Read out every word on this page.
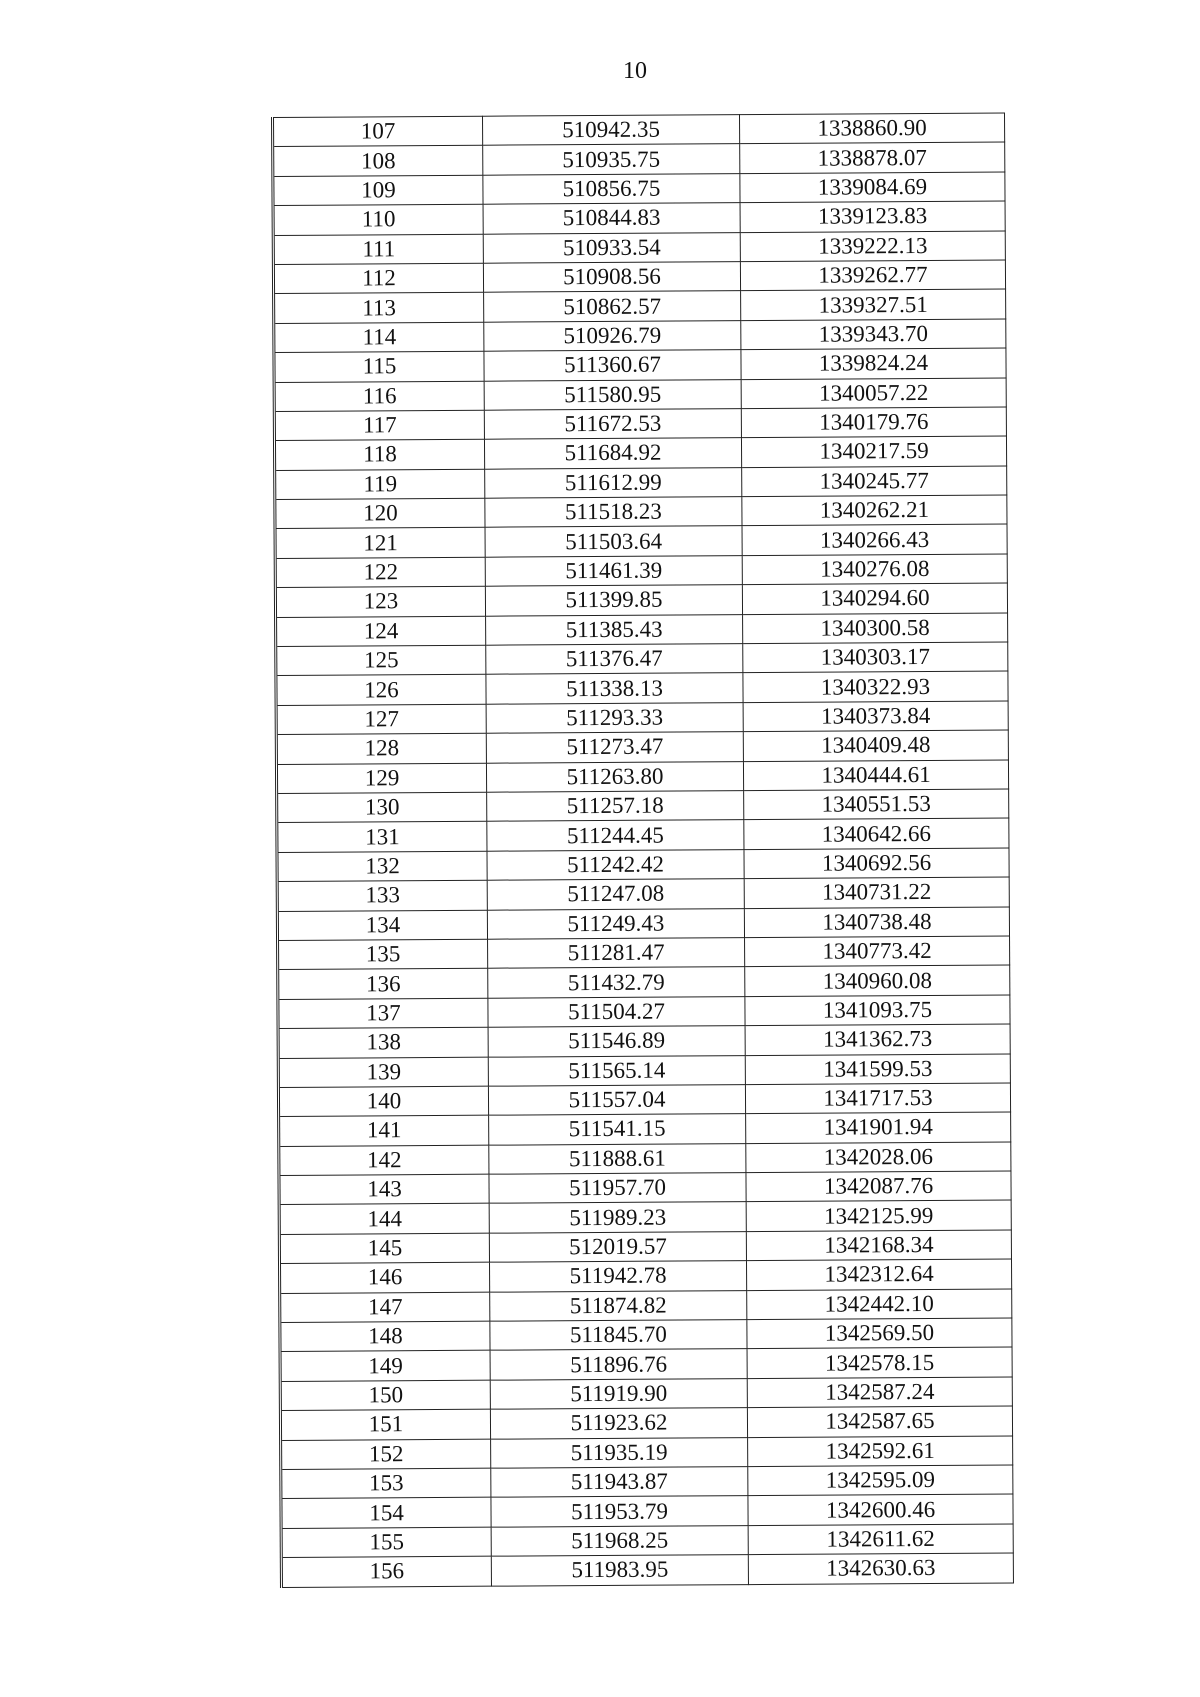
10
107	510942.35	1338860.90
108	510935.75	1338878.07
109	510856.75	1339084.69
110	510844.83	1339123.83
111	510933.54	1339222.13
112	510908.56	1339262.77
113	510862.57	1339327.51
114	510926.79	1339343.70
115	511360.67	1339824.24
116	511580.95	1340057.22
117	511672.53	1340179.76
118	511684.92	1340217.59
119	511612.99	1340245.77
120	511518.23	1340262.21
121	511503.64	1340266.43
122	511461.39	1340276.08
123	511399.85	1340294.60
124	511385.43	1340300.58
125	511376.47	1340303.17
126	511338.13	1340322.93
127	511293.33	1340373.84
128	511273.47	1340409.48
129	511263.80	1340444.61
130	511257.18	1340551.53
131	511244.45	1340642.66
132	511242.42	1340692.56
133	511247.08	1340731.22
134	511249.43	1340738.48
135	511281.47	1340773.42
136	511432.79	1340960.08
137	511504.27	1341093.75
138	511546.89	1341362.73
139	511565.14	1341599.53
140	511557.04	1341717.53
141	511541.15	1341901.94
142	511888.61	1342028.06
143	511957.70	1342087.76
144	511989.23	1342125.99
145	512019.57	1342168.34
146	511942.78	1342312.64
147	511874.82	1342442.10
148	511845.70	1342569.50
149	511896.76	1342578.15
150	511919.90	1342587.24
151	511923.62	1342587.65
152	511935.19	1342592.61
153	511943.87	1342595.09
154	511953.79	1342600.46
155	511968.25	1342611.62
156	511983.95	1342630.63
